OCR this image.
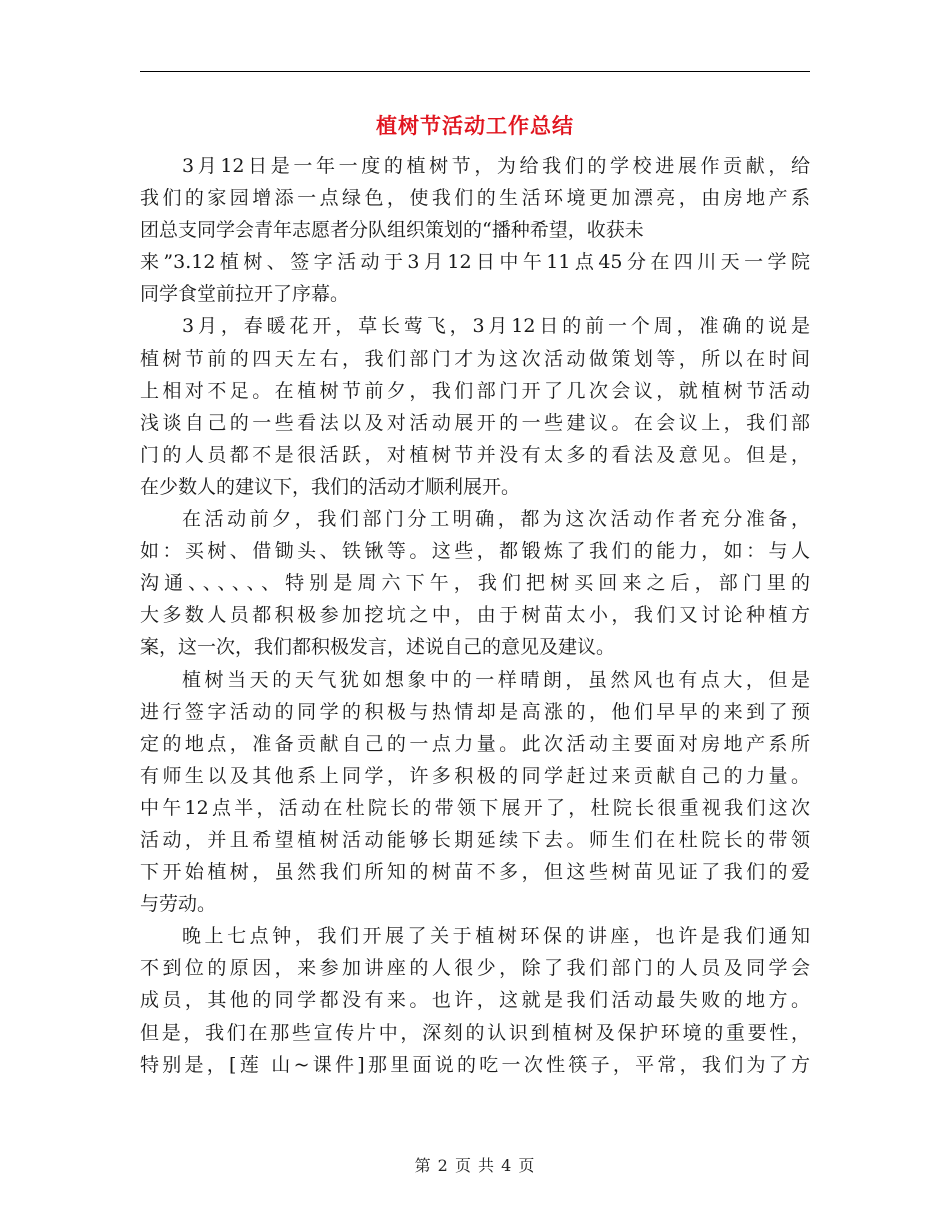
植树节活动工作总结
3月12日是一年一度的植树节，为给我们的学校进展作贡献，给
我们的家园增添一点绿色，使我们的生活环境更加漂亮，由房地产系
团总支同学会青年志愿者分队组织策划的“播种希望，收获未
来”3.12植树、签字活动于3月12日中午11点45分在四川天一学院
同学食堂前拉开了序幕。
3月，春暖花开，草长莺飞，3月12日的前一个周，准确的说是
植树节前的四天左右，我们部门才为这次活动做策划等，所以在时间
上相对不足。在植树节前夕，我们部门开了几次会议，就植树节活动
浅谈自己的一些看法以及对活动展开的一些建议。在会议上，我们部
门的人员都不是很活跃，对植树节并没有太多的看法及意见。但是，
在少数人的建议下，我们的活动才顺利展开。
在活动前夕，我们部门分工明确，都为这次活动作者充分准备，
如：买树、借锄头、铁锹等。这些，都锻炼了我们的能力，如：与人
沟通、、、、、、特别是周六下午，我们把树买回来之后，部门里的
大多数人员都积极参加挖坑之中，由于树苗太小，我们又讨论种植方
案，这一次，我们都积极发言，述说自己的意见及建议。
植树当天的天气犹如想象中的一样晴朗，虽然风也有点大，但是
进行签字活动的同学的积极与热情却是高涨的，他们早早的来到了预
定的地点，准备贡献自己的一点力量。此次活动主要面对房地产系所
有师生以及其他系上同学，许多积极的同学赶过来贡献自己的力量。
中午12点半，活动在杜院长的带领下展开了，杜院长很重视我们这次
活动，并且希望植树活动能够长期延续下去。师生们在杜院长的带领
下开始植树，虽然我们所知的树苗不多，但这些树苗见证了我们的爱
与劳动。
晚上七点钟，我们开展了关于植树环保的讲座，也许是我们通知
不到位的原因，来参加讲座的人很少，除了我们部门的人员及同学会
成员，其他的同学都没有来。也许，这就是我们活动最失败的地方。
但是，我们在那些宣传片中，深刻的认识到植树及保护环境的重要性，
特别是，[莲 山~课件]那里面说的吃一次性筷子，平常，我们为了方
第 2 页 共 4 页
